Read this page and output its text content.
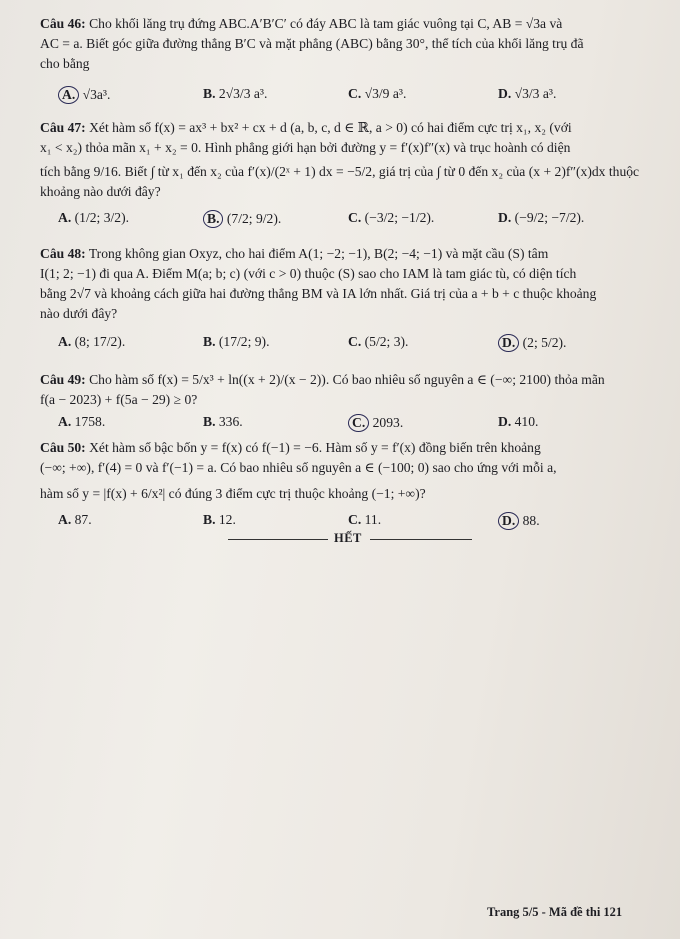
Câu 46: Cho khối lăng trụ đứng ABC.A′B′C′ có đáy ABC là tam giác vuông tại C, AB = √3a và

AC = a. Biết góc giữa đường thẳng B′C và mặt phẳng (ABC) bằng 30°, thể tích của khối lăng trụ đã

cho bằng

A. √3a³.	B. 2√3/3 a³.	C. √3/9 a³.	D. √3/3 a³.

Câu 47: Xét hàm số f(x) = ax³ + bx² + cx + d (a, b, c, d ∈ ℝ, a > 0) có hai điểm cực trị x₁, x₂ (với

x₁ < x₂) thỏa mãn x₁ + x₂ = 0. Hình phẳng giới hạn bởi đường y = f′(x)f″(x) và trục hoành có diện

tích bằng 9/16. Biết ∫ từ x₁ đến x₂ của f′(x)/(2ˣ + 1) dx = −5/2, giá trị của ∫ từ 0 đến x₂ của (x + 2)f″(x)dx thuộc khoảng nào dưới đây?

A. (1/2; 3/2).	B. (7/2; 9/2).	C. (−3/2; −1/2).	D. (−9/2; −7/2).

Câu 48: Trong không gian Oxyz, cho hai điểm A(1; −2; −1), B(2; −4; −1) và mặt cầu (S) tâm

I(1; 2; −1) đi qua A. Điểm M(a; b; c) (với c > 0) thuộc (S) sao cho IAM là tam giác tù, có diện tích

bằng 2√7 và khoảng cách giữa hai đường thẳng BM và IA lớn nhất. Giá trị của a + b + c thuộc khoảng

nào dưới đây?

A. (8; 17/2).	B. (17/2; 9).	C. (5/2; 3).	D. (2; 5/2).

Câu 49: Cho hàm số f(x) = 5/x³ + ln((x + 2)/(x − 2)). Có bao nhiêu số nguyên a ∈ (−∞; 2100) thỏa mãn

f(a − 2023) + f(5a − 29) ≥ 0?

A. 1758.	B. 336.	C. 2093.	D. 410.

Câu 50: Xét hàm số bậc bốn y = f(x) có f(−1) = −6. Hàm số y = f′(x) đồng biến trên khoảng

(−∞; +∞), f′(4) = 0 và f′(−1) = a. Có bao nhiêu số nguyên a ∈ (−100; 0) sao cho ứng với mỗi a,

hàm số y = |f(x) + 6/x²| có đúng 3 điểm cực trị thuộc khoảng (−1; +∞)?

A. 87.	B. 12.	C. 11.	D. 88.
HẾT
Trang 5/5 - Mã đề thi 121
